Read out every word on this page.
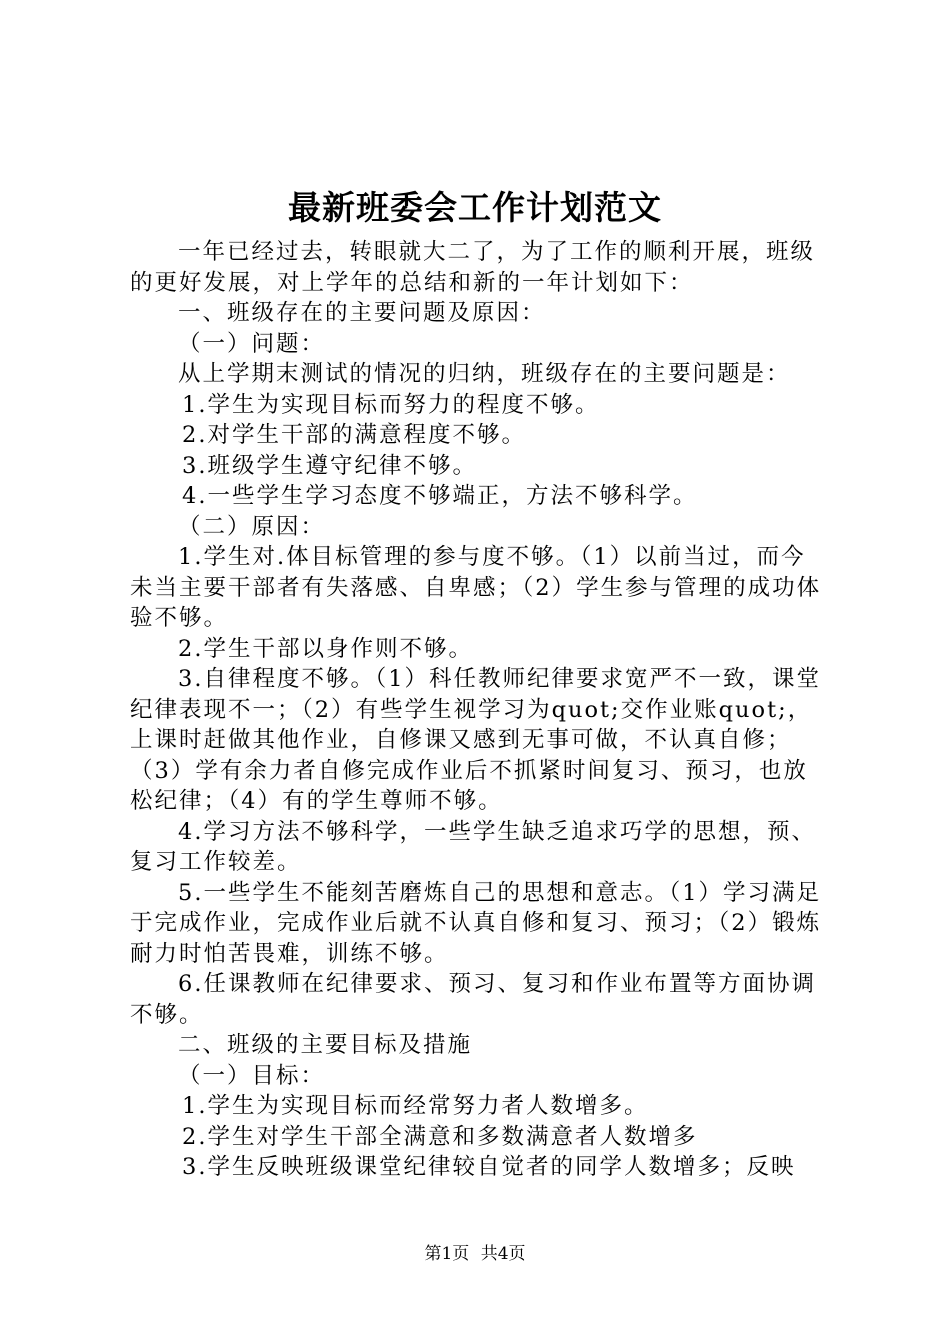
最新班委会工作计划范文

一年已经过去，转眼就大二了，为了工作的顺利开展，班级的更好发展，对上学年的总结和新的一年计划如下：

一、班级存在的主要问题及原因：

（一）问题：

从上学期末测试的情况的归纳，班级存在的主要问题是：

1.学生为实现目标而努力的程度不够。

2.对学生干部的满意程度不够。

3.班级学生遵守纪律不够。

4.一些学生学习态度不够端正，方法不够科学。

（二）原因：

1.学生对.体目标管理的参与度不够。（1）以前当过，而今未当主要干部者有失落感、自卑感；（2）学生参与管理的成功体验不够。

2.学生干部以身作则不够。

3.自律程度不够。（1）科任教师纪律要求宽严不一致，课堂纪律表现不一；（2）有些学生视学习为quot;交作业账quot;，上课时赶做其他作业，自修课又感到无事可做，不认真自修；（3）学有余力者自修完成作业后不抓紧时间复习、预习，也放松纪律；（4）有的学生尊师不够。

4.学习方法不够科学，一些学生缺乏追求巧学的思想，预、复习工作较差。

5.一些学生不能刻苦磨炼自己的思想和意志。（1）学习满足于完成作业，完成作业后就不认真自修和复习、预习；（2）锻炼耐力时怕苦畏难，训练不够。

6.任课教师在纪律要求、预习、复习和作业布置等方面协调不够。

二、班级的主要目标及措施

（一）目标：

1.学生为实现目标而经常努力者人数增多。

2.学生对学生干部全满意和多数满意者人数增多

3.学生反映班级课堂纪律较自觉者的同学人数增多；反映

第1页 共4页
